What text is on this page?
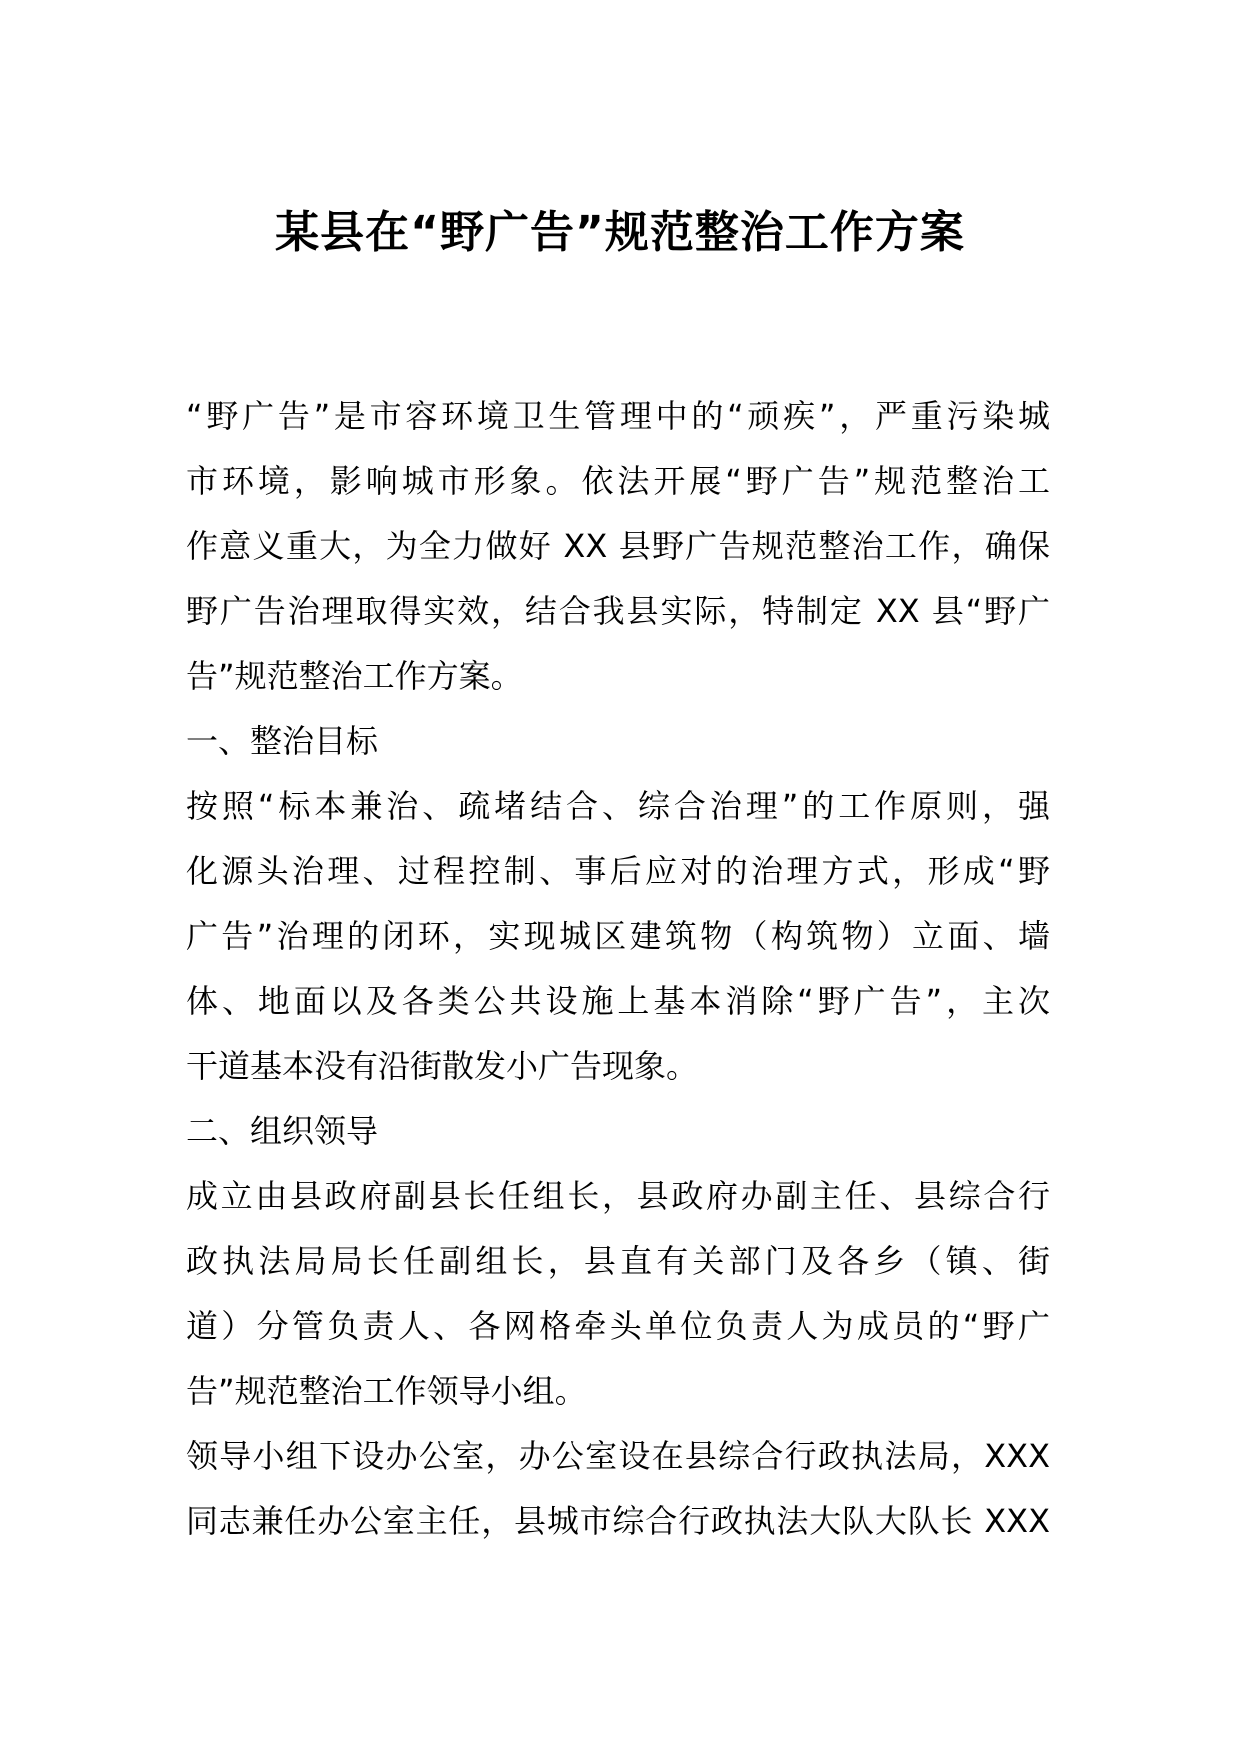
某县在“野广告”规范整治工作方案
“野广告”是市容环境卫生管理中的“顽疾”，严重污染城
市环境，影响城市形象。依法开展“野广告”规范整治工
作意义重大，为全力做好 XX 县野广告规范整治工作，确保
野广告治理取得实效，结合我县实际，特制定 XX 县“野广
告”规范整治工作方案。
一、整治目标
按照“标本兼治、疏堵结合、综合治理”的工作原则，强
化源头治理、过程控制、事后应对的治理方式，形成“野
广告”治理的闭环，实现城区建筑物（构筑物）立面、墙
体、地面以及各类公共设施上基本消除“野广告”，主次
干道基本没有沿街散发小广告现象。
二、组织领导
成立由县政府副县长任组长，县政府办副主任、县综合行
政执法局局长任副组长，县直有关部门及各乡（镇、街
道）分管负责人、各网格牵头单位负责人为成员的“野广
告”规范整治工作领导小组。
领导小组下设办公室，办公室设在县综合行政执法局，XXX
同志兼任办公室主任，县城市综合行政执法大队大队长 XXX
